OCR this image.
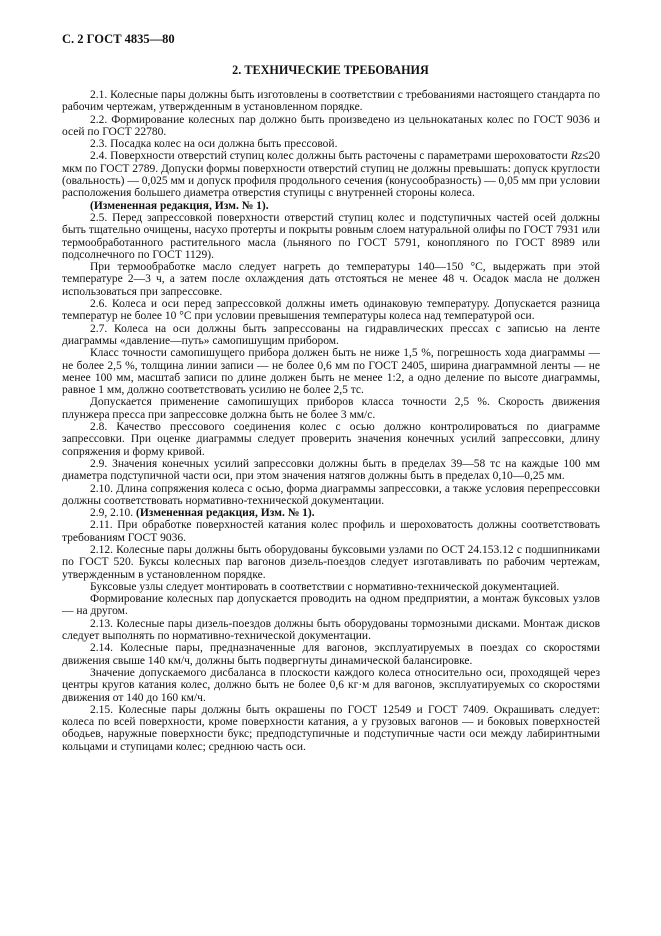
С. 2 ГОСТ 4835—80
2. ТЕХНИЧЕСКИЕ ТРЕБОВАНИЯ

2.1. Колесные пары должны быть изготовлены в соответствии с требованиями настоящего стандарта по рабочим чертежам, утвержденным в установленном порядке.

2.2. Формирование колесных пар должно быть произведено из цельнокатаных колес по ГОСТ 9036 и осей по ГОСТ 22780.

2.3. Посадка колес на оси должна быть прессовой.

2.4. Поверхности отверстий ступиц колес должны быть расточены с параметрами шероховатости Rz≤20 мкм по ГОСТ 2789. Допуски формы поверхности отверстий ступиц не должны превышать: допуск круглости (овальность) — 0,025 мм и допуск профиля продольного сечения (конусообразность) — 0,05 мм при условии расположения большего диаметра отверстия ступицы с внутренней стороны колеса.

(Измененная редакция, Изм. № 1).

2.5. Перед запрессовкой поверхности отверстий ступиц колес и подступичных частей осей должны быть тщательно очищены, насухо протерты и покрыты ровным слоем натуральной олифы по ГОСТ 7931 или термообработанного растительного масла (льняного по ГОСТ 5791, конопляного по ГОСТ 8989 или подсолнечного по ГОСТ 1129).

При термообработке масло следует нагреть до температуры 140—150 °С, выдержать при этой температуре 2—3 ч, а затем после охлаждения дать отстояться не менее 48 ч. Осадок масла не должен использоваться при запрессовке.

2.6. Колеса и оси перед запрессовкой должны иметь одинаковую температуру. Допускается разница температур не более 10 °С при условии превышения температуры колеса над температурой оси.

2.7. Колеса на оси должны быть запрессованы на гидравлических прессах с записью на ленте диаграммы «давление—путь» самопишущим прибором.

Класс точности самопишущего прибора должен быть не ниже 1,5 %, погрешность хода диаграммы — не более 2,5 %, толщина линии записи — не более 0,6 мм по ГОСТ 2405, ширина диаграммной ленты — не менее 100 мм, масштаб записи по длине должен быть не менее 1:2, а одно деление по высоте диаграммы, равное 1 мм, должно соответствовать усилию не более 2,5 тс.

Допускается применение самопишущих приборов класса точности 2,5 %. Скорость движения плунжера пресса при запрессовке должна быть не более 3 мм/с.

2.8. Качество прессового соединения колес с осью должно контролироваться по диаграмме запрессовки. При оценке диаграммы следует проверить значения конечных усилий запрессовки, длину сопряжения и форму кривой.

2.9. Значения конечных усилий запрессовки должны быть в пределах 39—58 тс на каждые 100 мм диаметра подступичной части оси, при этом значения натягов должны быть в пределах 0,10—0,25 мм.

2.10. Длина сопряжения колеса с осью, форма диаграммы запрессовки, а также условия перепрессовки должны соответствовать нормативно-технической документации.

2.9, 2.10. (Измененная редакция, Изм. № 1).

2.11. При обработке поверхностей катания колес профиль и шероховатость должны соответствовать требованиям ГОСТ 9036.

2.12. Колесные пары должны быть оборудованы буксовыми узлами по ОСТ 24.153.12 с подшипниками по ГОСТ 520. Буксы колесных пар вагонов дизель-поездов следует изготавливать по рабочим чертежам, утвержденным в установленном порядке.

Буксовые узлы следует монтировать в соответствии с нормативно-технической документацией.

Формирование колесных пар допускается проводить на одном предприятии, а монтаж буксовых узлов — на другом.

2.13. Колесные пары дизель-поездов должны быть оборудованы тормозными дисками. Монтаж дисков следует выполнять по нормативно-технической документации.

2.14. Колесные пары, предназначенные для вагонов, эксплуатируемых в поездах со скоростями движения свыше 140 км/ч, должны быть подвергнуты динамической балансировке.

Значение допускаемого дисбаланса в плоскости каждого колеса относительно оси, проходящей через центры кругов катания колес, должно быть не более 0,6 кг·м для вагонов, эксплуатируемых со скоростями движения от 140 до 160 км/ч.

2.15. Колесные пары должны быть окрашены по ГОСТ 12549 и ГОСТ 7409. Окрашивать следует: колеса по всей поверхности, кроме поверхности катания, а у грузовых вагонов — и боковых поверхностей ободьев, наружные поверхности букс; предподступичные и подступичные части оси между лабиринтными кольцами и ступицами колес; среднюю часть оси.
